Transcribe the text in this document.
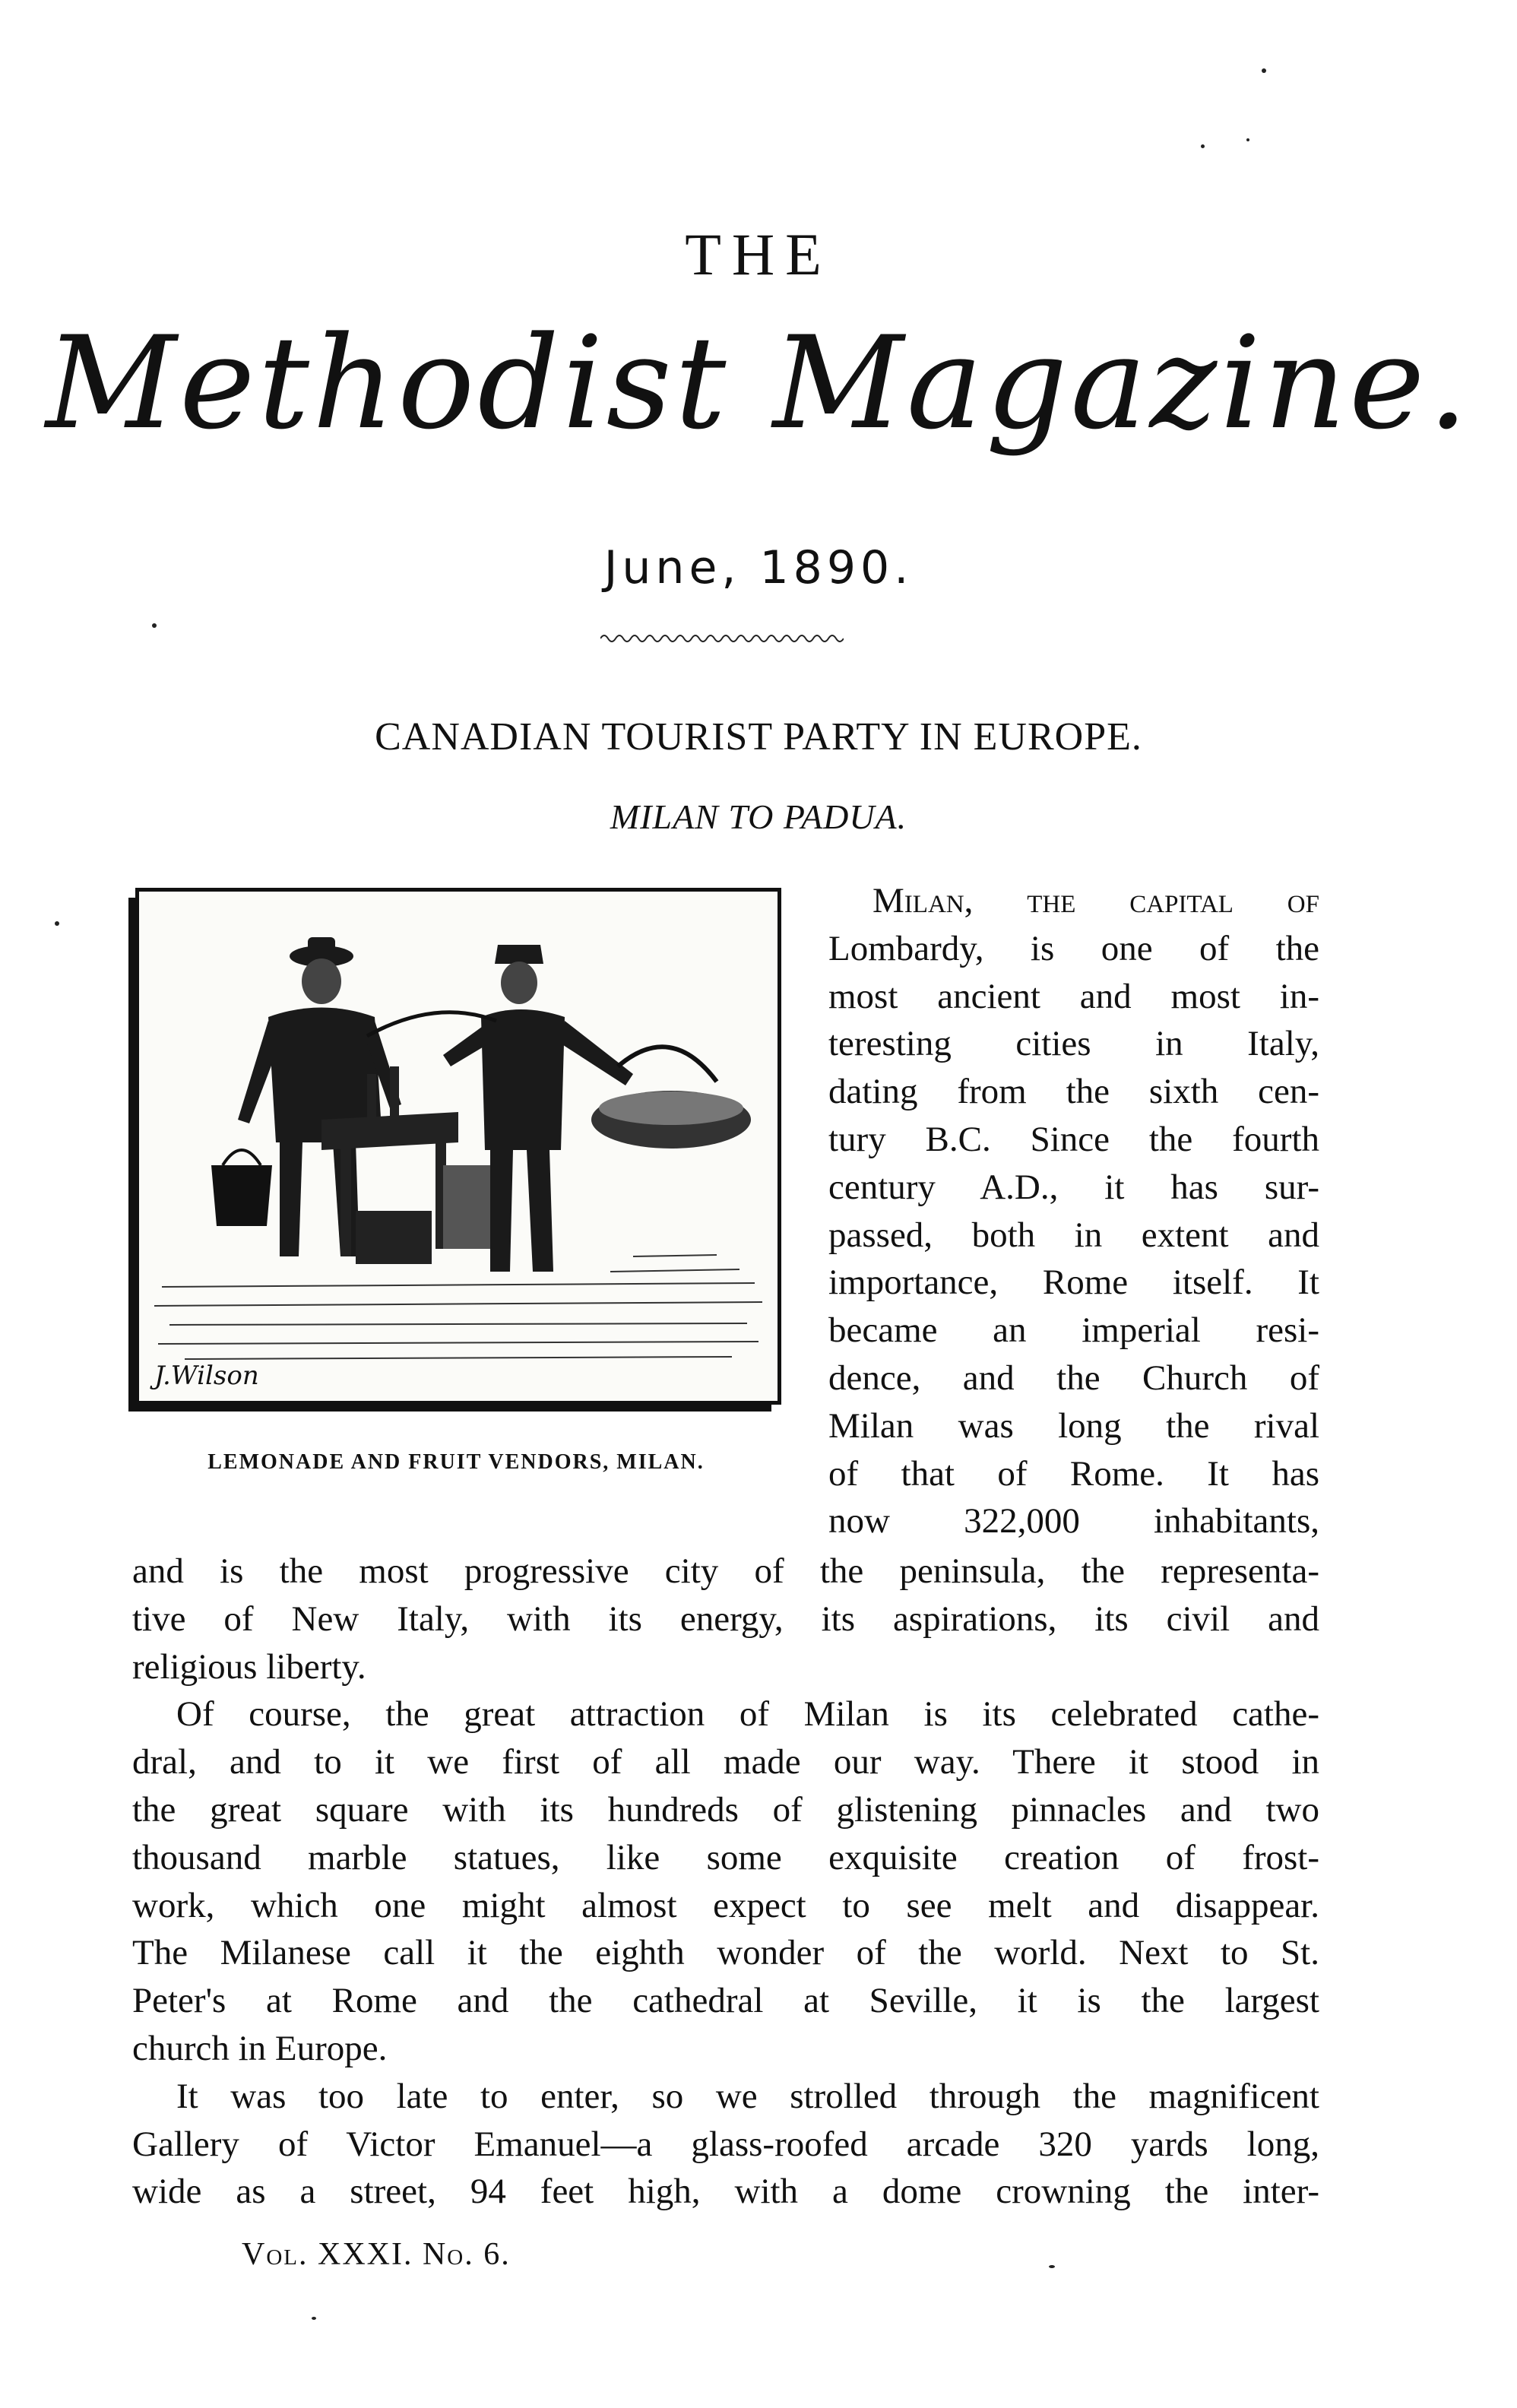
THE
Methodist Magazine.
June, 1890.
CANADIAN TOURIST PARTY IN EUROPE.
MILAN TO PADUA.
J.Wilson
LEMONADE AND FRUIT VENDORS, MILAN.
Milan, the capital of
Lombardy, is one of the
most ancient and most in-
teresting cities in Italy,
dating from the sixth cen-
tury B.C. Since the fourth
century A.D., it has sur-
passed, both in extent and
importance, Rome itself. It
became an imperial resi-
dence, and the Church of
Milan was long the rival
of that of Rome. It has
now 322,000 inhabitants,
and is the most progressive city of the peninsula, the representa-
tive of New Italy, with its energy, its aspirations, its civil and
religious liberty.
Of course, the great attraction of Milan is its celebrated cathe-
dral, and to it we first of all made our way. There it stood in
the great square with its hundreds of glistening pinnacles and two
thousand marble statues, like some exquisite creation of frost-
work, which one might almost expect to see melt and disappear.
The Milanese call it the eighth wonder of the world. Next to St.
Peter's at Rome and the cathedral at Seville, it is the largest
church in Europe.
It was too late to enter, so we strolled through the magnificent
Gallery of Victor Emanuel—a glass-roofed arcade 320 yards long,
wide as a street, 94 feet high, with a dome crowning the inter-
Vol. XXXI. No. 6.
